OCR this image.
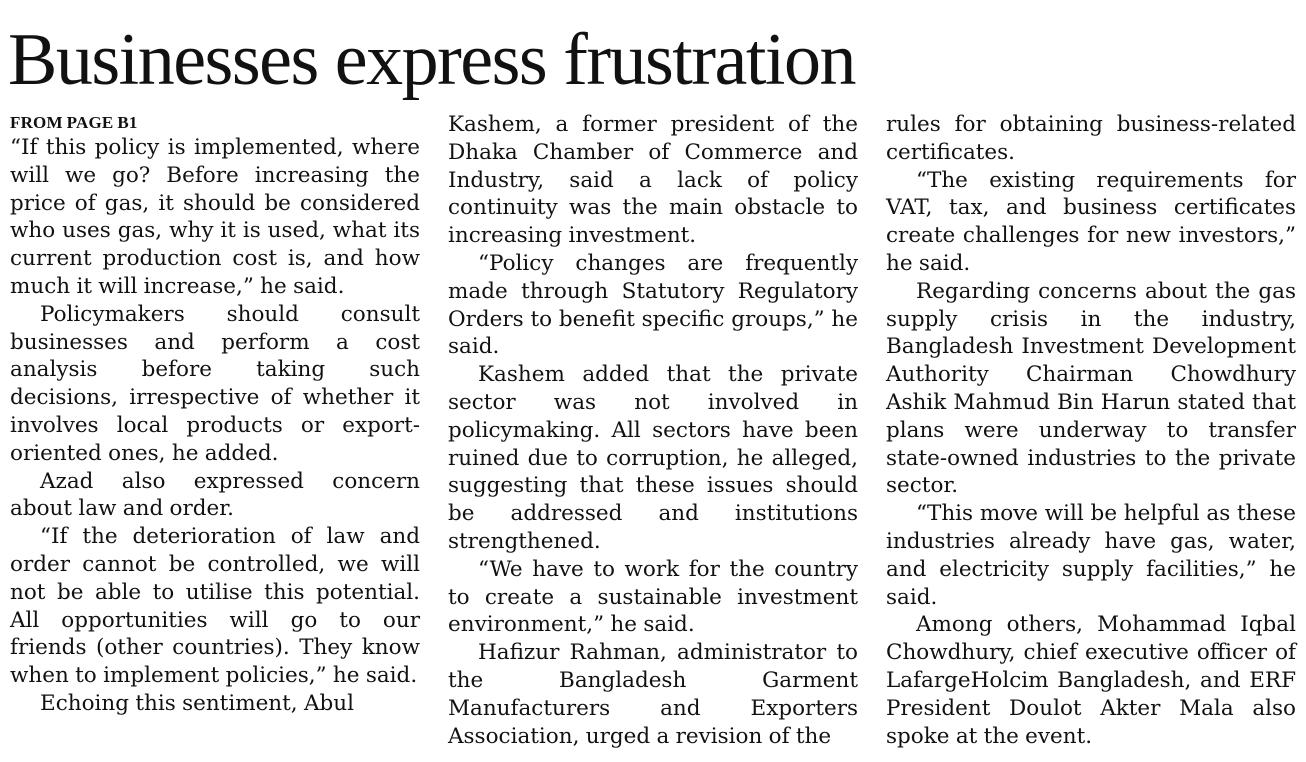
Businesses express frustration
FROM PAGE B1

“If this policy is implemented, where will we go? Before increasing the price of gas, it should be considered who uses gas, why it is used, what its current production cost is, and how much it will increase,” he said.

Policymakers should consult businesses and perform a cost analysis before taking such decisions, irrespective of whether it involves local products or export-oriented ones, he added.

Azad also expressed concern about law and order.

“If the deterioration of law and order cannot be controlled, we will not be able to utilise this potential. All opportunities will go to our friends (other countries). They know when to implement policies,” he said.

Echoing this sentiment, Abul

Kashem, a former president of the Dhaka Chamber of Commerce and Industry, said a lack of policy continuity was the main obstacle to increasing investment.

“Policy changes are frequently made through Statutory Regulatory Orders to benefit specific groups,” he said.

Kashem added that the private sector was not involved in policymaking. All sectors have been ruined due to corruption, he alleged, suggesting that these issues should be addressed and institutions strengthened.

“We have to work for the country to create a sustainable investment environment,” he said.

Hafizur Rahman, administrator to the Bangladesh Garment Manufacturers and Exporters Association, urged a revision of the

rules for obtaining business-related certificates.

“The existing requirements for VAT, tax, and business certificates create challenges for new investors,” he said.

Regarding concerns about the gas supply crisis in the industry, Bangladesh Investment Development Authority Chairman Chowdhury Ashik Mahmud Bin Harun stated that plans were underway to transfer state-owned industries to the private sector.

“This move will be helpful as these industries already have gas, water, and electricity supply facilities,” he said.

Among others, Mohammad Iqbal Chowdhury, chief executive officer of LafargeHolcim Bangladesh, and ERF President Doulot Akter Mala also spoke at the event.
